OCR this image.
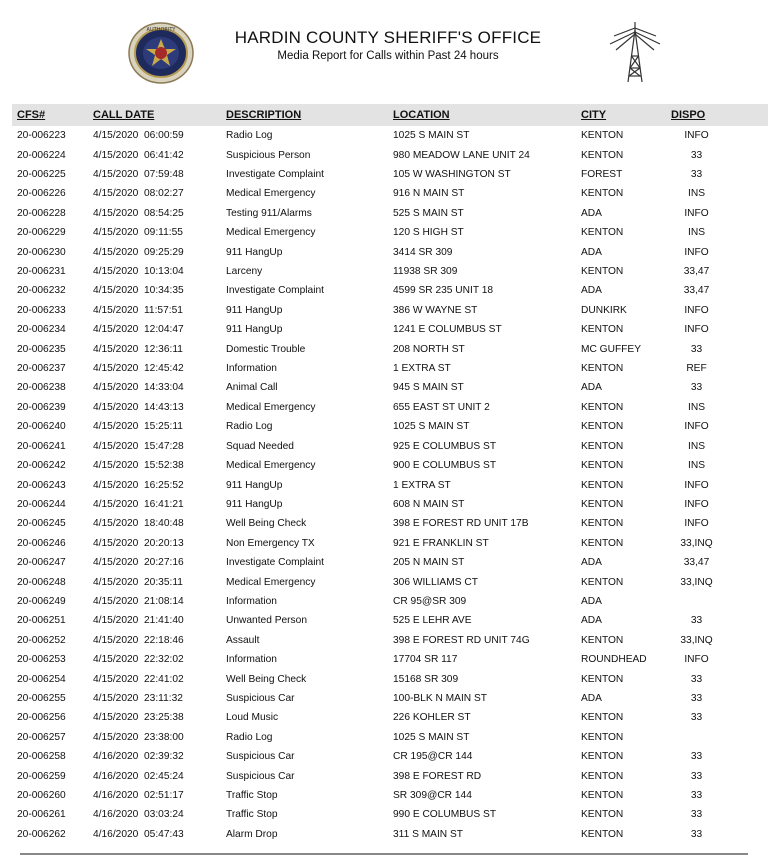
AUTHORITY	HARDIN COUNTY SHERIFF'S OFFICE
Media Report for Calls within Past 24 hours
CFS#	CALL DATE	DESCRIPTION	LOCATION	CITY	DISPO
20-006223	4/15/2020 06:00:59	Radio Log	1025 S MAIN ST	KENTON	INFO
20-006224	4/15/2020 06:41:42	Suspicious Person	980 MEADOW LANE UNIT 24	KENTON	33
20-006225	4/15/2020 07:59:48	Investigate Complaint	105 W WASHINGTON ST	FOREST	33
20-006226	4/15/2020 08:02:27	Medical Emergency	916 N MAIN ST	KENTON	INS
20-006228	4/15/2020 08:54:25	Testing 911/Alarms	525 S MAIN ST	ADA	INFO
20-006229	4/15/2020 09:11:55	Medical Emergency	120 S HIGH ST	KENTON	INS
20-006230	4/15/2020 09:25:29	911 HangUp	3414 SR 309	ADA	INFO
20-006231	4/15/2020 10:13:04	Larceny	11938 SR 309	KENTON	33,47
20-006232	4/15/2020 10:34:35	Investigate Complaint	4599 SR 235 UNIT 18	ADA	33,47
20-006233	4/15/2020 11:57:51	911 HangUp	386 W WAYNE ST	DUNKIRK	INFO
20-006234	4/15/2020 12:04:47	911 HangUp	1241 E COLUMBUS ST	KENTON	INFO
20-006235	4/15/2020 12:36:11	Domestic Trouble	208 NORTH ST	MC GUFFEY	33
20-006237	4/15/2020 12:45:42	Information	1 EXTRA ST	KENTON	REF
20-006238	4/15/2020 14:33:04	Animal Call	945 S MAIN ST	ADA	33
20-006239	4/15/2020 14:43:13	Medical Emergency	655 EAST ST UNIT 2	KENTON	INS
20-006240	4/15/2020 15:25:11	Radio Log	1025 S MAIN ST	KENTON	INFO
20-006241	4/15/2020 15:47:28	Squad Needed	925 E COLUMBUS ST	KENTON	INS
20-006242	4/15/2020 15:52:38	Medical Emergency	900 E COLUMBUS ST	KENTON	INS
20-006243	4/15/2020 16:25:52	911 HangUp	1 EXTRA ST	KENTON	INFO
20-006244	4/15/2020 16:41:21	911 HangUp	608 N MAIN ST	KENTON	INFO
20-006245	4/15/2020 18:40:48	Well Being Check	398 E FOREST RD UNIT 17B	KENTON	INFO
20-006246	4/15/2020 20:20:13	Non Emergency TX	921 E FRANKLIN ST	KENTON	33,INQ
20-006247	4/15/2020 20:27:16	Investigate Complaint	205 N MAIN ST	ADA	33,47
20-006248	4/15/2020 20:35:11	Medical Emergency	306 WILLIAMS CT	KENTON	33,INQ
20-006249	4/15/2020 21:08:14	Information	CR 95@SR 309	ADA	
20-006251	4/15/2020 21:41:40	Unwanted Person	525 E LEHR AVE	ADA	33
20-006252	4/15/2020 22:18:46	Assault	398 E FOREST RD UNIT 74G	KENTON	33,INQ
20-006253	4/15/2020 22:32:02	Information	17704 SR 117	ROUNDHEAD	INFO
20-006254	4/15/2020 22:41:02	Well Being Check	15168 SR 309	KENTON	33
20-006255	4/15/2020 23:11:32	Suspicious Car	100-BLK N MAIN ST	ADA	33
20-006256	4/15/2020 23:25:38	Loud Music	226 KOHLER ST	KENTON	33
20-006257	4/15/2020 23:38:00	Radio Log	1025 S MAIN ST	KENTON	
20-006258	4/16/2020 02:39:32	Suspicious Car	CR 195@CR 144	KENTON	33
20-006259	4/16/2020 02:45:24	Suspicious Car	398 E FOREST RD	KENTON	33
20-006260	4/16/2020 02:51:17	Traffic Stop	SR 309@CR 144	KENTON	33
20-006261	4/16/2020 03:03:24	Traffic Stop	990 E COLUMBUS ST	KENTON	33
20-006262	4/16/2020 05:47:43	Alarm Drop	311 S MAIN ST	KENTON	33
